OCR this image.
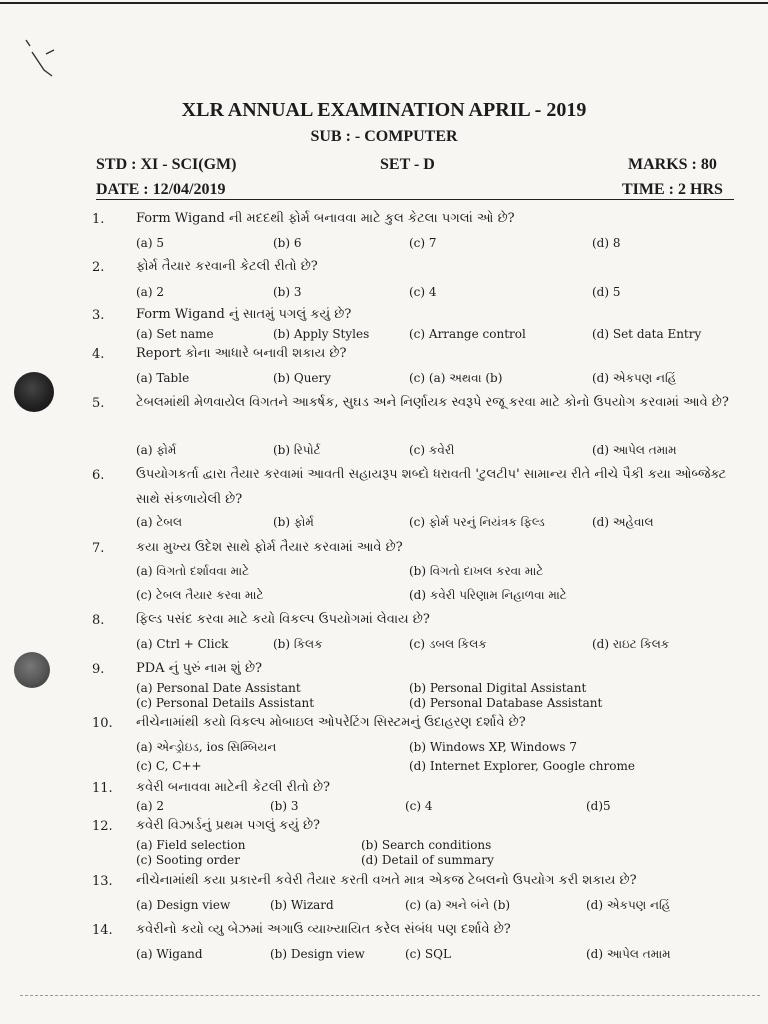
XLR ANNUAL EXAMINATION APRIL - 2019
SUB : - COMPUTER
STD : XI - SCI(GM)	SET - D	MARKS : 80
DATE : 12/04/2019	TIME : 2 HRS
1. Form Wigand ની મદદથી ફોર્મ બનાવવા માટે કુલ કેટલા પગલાં ઓ છે?
(a) 5	(b) 6	(c) 7	(d) 8
2. ફોર્મ તૈયાર કરવાની કેટલી રીતો છે?
(a) 2	(b) 3	(c) 4	(d) 5
3. Form Wigand નું સાતમું પગલું કયું છે?
(a) Set name	(b) Apply Styles	(c) Arrange control	(d) Set data Entry
4. Report કોના આધારે બનાવી શકાય છે?
(a) Table	(b) Query	(c) (a) અથવા (b)	(d) એકપણ નહિં
5. ટેબલમાંથી મેળવાયેલ વિગતને આકર્ષક, સુઘડ અને નિર્ણાયક સ્વરૂપે રજૂ કરવા માટે કોનો ઉપયોગ કરવામાં આવે છે?
(a) ફોર્મ	(b) રિપોર્ટ	(c) કવેરી	(d) આપેલ તમામ
6. ઉપયોગકર્તા દ્વારા તૈયાર કરવામાં આવતી સહાયરૂપ શબ્દો ધરાવતી 'ટુલટીપ' સામાન્ય રીતે નીચે પૈકી કયા ઓબ્જેક્ટ સાથે સંકળાયેલી છે?
(a) ટેબલ	(b) ફોર્મ	(c) ફોર્મ પરનું નિયંત્રક ફિલ્ડ	(d) અહેવાલ
7. કયા મુખ્ય ઉદેશ સાથે ફોર્મ તૈયાર કરવામાં આવે છે?
(a) વિગતો દર્શાવવા માટે	(b) વિગતો દાખલ કરવા માટે
(c) ટેબલ તૈયાર કરવા માટે	(d) કવેરી પરિણામ નિહાળવા માટે
8. ફિલ્ડ પસંદ કરવા માટે કયો વિકલ્પ ઉપયોગમાં લેવાય છે?
(a) Ctrl + Click	(b) કિલક	(c) ડબલ કિલક	(d) રાઇટ કિલક
9. PDA નું પુરું નામ શું છે?
(a) Personal Date Assistant	(b) Personal Digital Assistant
(c) Personal Details Assistant	(d) Personal Database Assistant
10. નીચેનામાંથી કયો વિકલ્પ મોબાઇલ ઓપરેટિંગ સિસ્ટમનું ઉદાહરણ દર્શાવે છે?
(a) એન્ડ્રોઇડ, ios સિમ્બિયન	(b) Windows XP, Windows 7
(c) C, C++	(d) Internet Explorer, Google chrome
11. કવેરી બનાવવા માટેની કેટલી રીતો છે?
(a) 2	(b) 3	(c) 4	(d)5
12. કવેરી વિઝાર્ડનું પ્રથમ પગલું કયું છે?
(a) Field selection	(b) Search conditions
(c) Sooting order	(d) Detail of summary
13. નીચેનામાંથી કયા પ્રકારની કવેરી તૈયાર કરતી વખતે માત્ર એકજ ટેબલનો ઉપયોગ કરી શકાય છે?
(a) Design view	(b) Wizard	(c) (a) અને બંને (b)	(d) એકપણ નહિં
14. કવેરીનો કયો વ્યુ બેઝમાં અગાઉ વ્યાખ્યાયિત કરેલ સંબંધ પણ દર્શાવે છે?
(a) Wigand	(b) Design view	(c) SQL	(d) આપેલ તમામ
